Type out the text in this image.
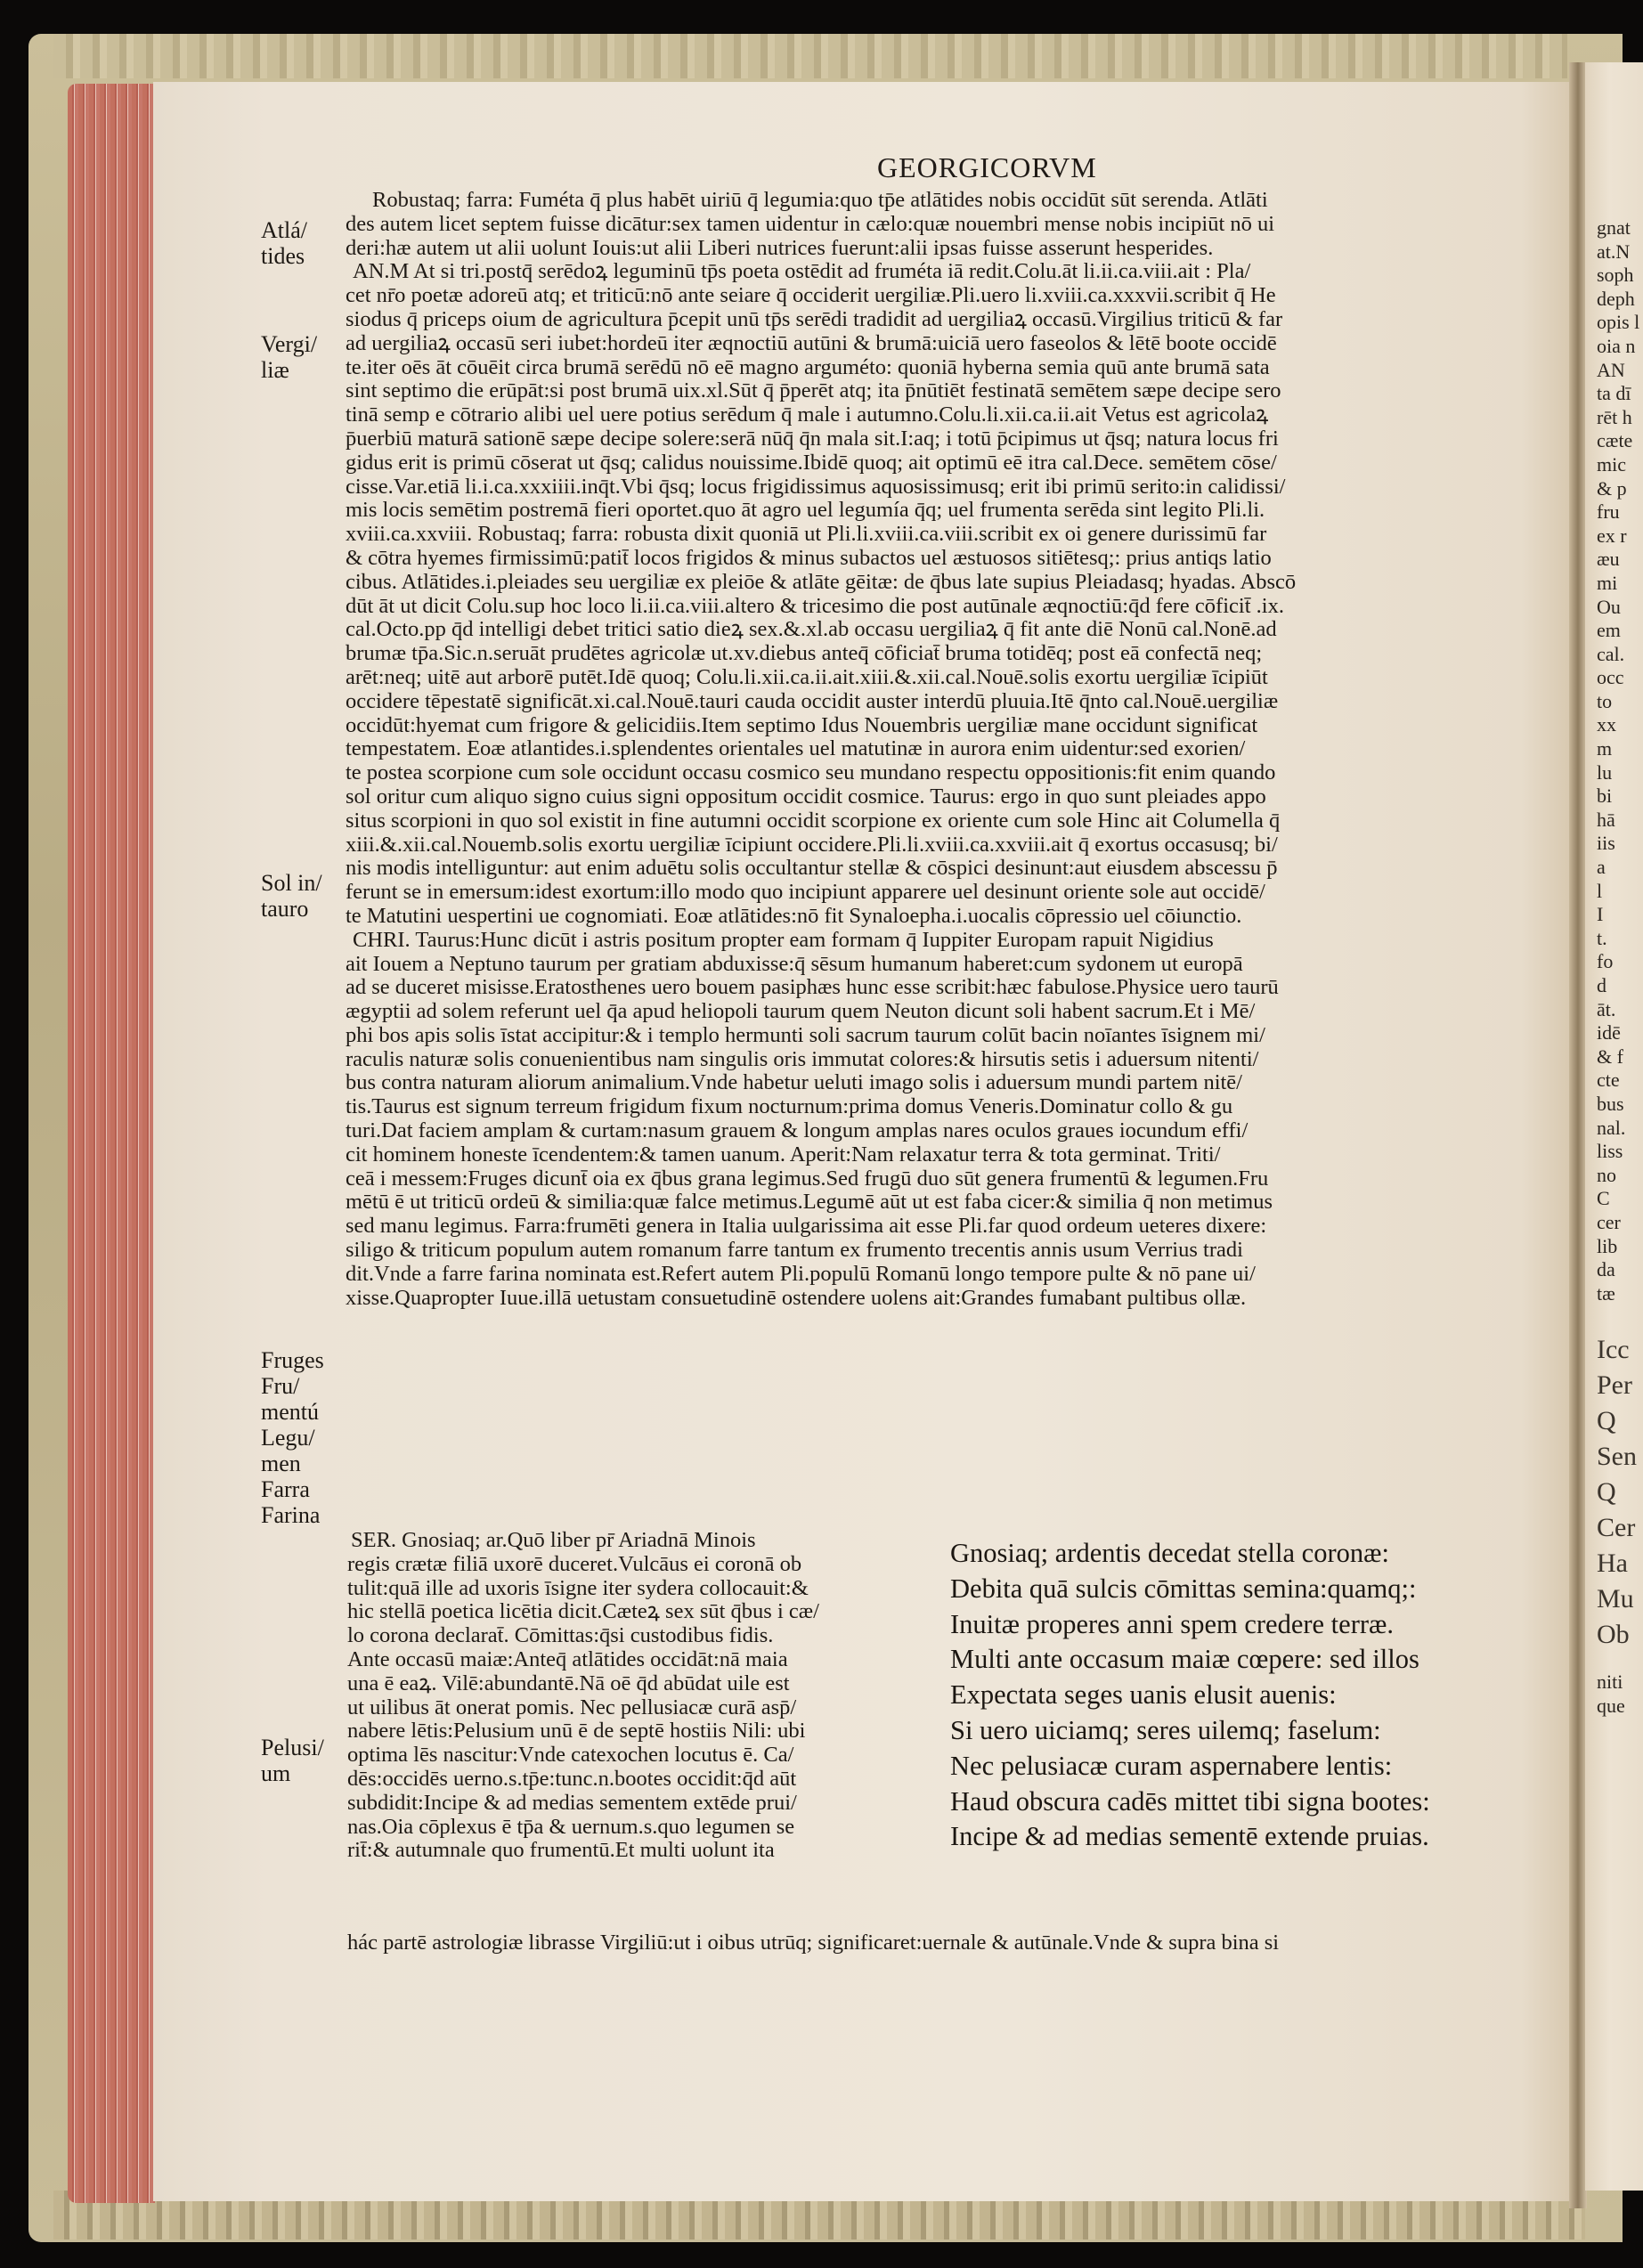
gnat
at.N
soph
deph
opis l
oia n
AN
ta dī
rēt h
cæte
mic
& p
fru
ex r
æu
mi
Ou
em
cal.
occ
to
xx
m
lu
bi
hā
iis
a
l
I
t.
fo
d
āt.
idē
& f
cte
bus
nal.
liss
no
C
cer
lib
da
tæ
Icc
Per
Q
Sen
Q
Cer
Ha
Mu
Ob
niti
que
GEORGICORVM
Robustaq; farra: Fuméta q̄ plus habēt uiriū q̄ legumia:quo tp̄e atlātides nobis occidūt sūt serenda. Atlāti
des autem licet septem fuisse dicātur:sex tamen uidentur in cælo:quæ nouembri mense nobis incipiūt nō ui
deri:hæ autem ut alii uolunt Iouis:ut alii Liberi nutrices fuerunt:alii ipsas fuisse asserunt hesperides.
AN.M At si tri.postq̄ serēdoꝝ leguminū tp̄s poeta ostēdit ad fruméta iā redit.Colu.āt li.ii.ca.viii.ait : Pla/
cet nr̄o poetæ adoreū atq; et triticū:nō ante seiare q̄ occiderit uergiliæ.Pli.uero li.xviii.ca.xxxvii.scribit q̄ He
siodus q̄ priceps oium de agricultura p̄cepit unū tp̄s serēdi tradidit ad uergiliaꝝ occasū.Virgilius triticū & far
ad uergiliaꝝ occasū seri iubet:hordeū iter æqnoctiū autūni & brumā:uiciā uero faseolos & lētē boote occidē
te.iter oēs āt cōuēit circa brumā serēdū nō eē magno arguméto: quoniā hyberna semia quū ante brumā sata
sint septimo die erūpāt:si post brumā uix.xl.Sūt q̄ p̄perēt atq; ita p̄nūtiēt festinatā semētem sæpe decipe sero
tinā semp e cōtrario alibi uel uere potius serēdum q̄ male i autumno.Colu.li.xii.ca.ii.ait Vetus est agricolaꝝ
p̄uerbiū maturā sationē sæpe decipe solere:serā nūq̄ q̄n mala sit.I:aq; i totū p̄cipimus ut q̄sq; natura locus fri
gidus erit is primū cōserat ut q̄sq; calidus nouissime.Ibidē quoq; ait optimū eē itra cal.Dece. semētem cōse/
cisse.Var.etiā li.i.ca.xxxiiii.inq̄t.Vbi q̄sq; locus frigidissimus aquosissimusq; erit ibi primū serito:in calidissi/
mis locis semētim postremā fieri oportet.quo āt agro uel legumía q̄q; uel frumenta serēda sint legito Pli.li.
xviii.ca.xxviii. Robustaq; farra: robusta dixit quoniā ut Pli.li.xviii.ca.viii.scribit ex oi genere durissimū far
& cōtra hyemes firmissimū:patit̄ locos frigidos & minus subactos uel æstuosos sitiētesq;: prius antiqs latio
cibus. Atlātides.i.pleiades seu uergiliæ ex pleiōe & atlāte gēitæ: de q̄bus late supius Pleiadasq; hyadas. Abscō
dūt āt ut dicit Colu.sup hoc loco li.ii.ca.viii.altero & tricesimo die post autūnale æqnoctiū:q̄d fere cōficit̄ .ix.
cal.Octo.pp q̄d intelligi debet tritici satio dieꝝ sex.&.xl.ab occasu uergiliaꝝ q̄ fit ante diē Nonū cal.Nonē.ad
brumæ tp̄a.Sic.n.seruāt prudētes agricolæ ut.xv.diebus anteq̄ cōficiat̄ bruma totidēq; post eā confectā neq;
arēt:neq; uitē aut arborē putēt.Idē quoq; Colu.li.xii.ca.ii.ait.xiii.&.xii.cal.Nouē.solis exortu uergiliæ īcipiūt
occidere tēpestatē significāt.xi.cal.Nouē.tauri cauda occidit auster interdū pluuia.Itē q̄nto cal.Nouē.uergiliæ
occidūt:hyemat cum frigore & gelicidiis.Item septimo Idus Nouembris uergiliæ mane occidunt significat
tempestatem. Eoæ atlantides.i.splendentes orientales uel matutinæ in aurora enim uidentur:sed exorien/
te postea scorpione cum sole occidunt occasu cosmico seu mundano respectu oppositionis:fit enim quando
sol oritur cum aliquo signo cuius signi oppositum occidit cosmice. Taurus: ergo in quo sunt pleiades appo
situs scorpioni in quo sol existit in fine autumni occidit scorpione ex oriente cum sole Hinc ait Columella q̄
xiii.&.xii.cal.Nouemb.solis exortu uergiliæ īcipiunt occidere.Pli.li.xviii.ca.xxviii.ait q̄ exortus occasusq; bi/
nis modis intelliguntur: aut enim aduētu solis occultantur stellæ & cōspici desinunt:aut eiusdem abscessu p̄
ferunt se in emersum:idest exortum:illo modo quo incipiunt apparere uel desinunt oriente sole aut occidē/
te Matutini uespertini ue cognomiati. Eoæ atlātides:nō fit Synaloepha.i.uocalis cōpressio uel cōiunctio.
CHRI. Taurus:Hunc dicūt i astris positum propter eam formam q̄ Iuppiter Europam rapuit Nigidius
ait Iouem a Neptuno taurum per gratiam abduxisse:q̄ sēsum humanum haberet:cum sydonem ut europā
ad se duceret misisse.Eratosthenes uero bouem pasiphæs hunc esse scribit:hæc fabulose.Physice uero taurū
ægyptii ad solem referunt uel q̄a apud heliopoli taurum quem Neuton dicunt soli habent sacrum.Et i Mē/
phi bos apis solis īstat accipitur:& i templo hermunti soli sacrum taurum colūt bacin noīantes īsignem mi/
raculis naturæ solis conuenientibus nam singulis oris immutat colores:& hirsutis setis i aduersum nitenti/
bus contra naturam aliorum animalium.Vnde habetur ueluti imago solis i aduersum mundi partem nitē/
tis.Taurus est signum terreum frigidum fixum nocturnum:prima domus Veneris.Dominatur collo & gu
turi.Dat faciem amplam & curtam:nasum grauem & longum amplas nares oculos graues iocundum effi/
cit hominem honeste īcendentem:& tamen uanum. Aperit:Nam relaxatur terra & tota germinat. Triti/
ceā i messem:Fruges dicunt̄ oia ex q̄bus grana legimus.Sed frugū duo sūt genera frumentū & legumen.Fru
mētū ē ut triticū ordeū & similia:quæ falce metimus.Legumē aūt ut est faba cicer:& similia q̄ non metimus
sed manu legimus. Farra:frumēti genera in Italia uulgarissima ait esse Pli.far quod ordeum ueteres dixere:
siligo & triticum populum autem romanum farre tantum ex frumento trecentis annis usum Verrius tradi
dit.Vnde a farre farina nominata est.Refert autem Pli.populū Romanū longo tempore pulte & nō pane ui/
xisse.Quapropter Iuue.illā uetustam consuetudinē ostendere uolens ait:Grandes fumabant pultibus ollæ.
SER. Gnosiaq; ar.Quō liber pr̄ Ariadnā Minois
regis crætæ filiā uxorē duceret.Vulcāus ei coronā ob
tulit:quā ille ad uxoris īsigne iter sydera collocauit:&
hic stellā poetica licētia dicit.Cæteꝝ sex sūt q̄bus i cæ/
lo corona declarat̄. Cōmittas:q̄si custodibus fidis.
Ante occasū maiæ:Anteq̄ atlātides occidāt:nā maia
una ē eaꝝ. Vilē:abundantē.Nā oē q̄d abūdat uile est
ut uilibus āt onerat pomis. Nec pellusiacæ curā asp̄/
nabere lētis:Pelusium unū ē de septē hostiis Nili: ubi
optima lēs nascitur:Vnde catexochen locutus ē. Ca/
dēs:occidēs uerno.s.tp̄e:tunc.n.bootes occidit:q̄d aūt
subdidit:Incipe & ad medias sementem extēde prui/
nas.Oia cōplexus ē tp̄a & uernum.s.quo legumen se
rit̄:& autumnale quo frumentū.Et multi uolunt ita
Gnosiaq; ardentis decedat stella coronæ:
Debita quā sulcis cōmittas semina:quamq;:
Inuitæ properes anni spem credere terræ.
Multi ante occasum maiæ cœpere: sed illos
Expectata seges uanis elusit auenis:
Si uero uiciamq; seres uilemq; faselum:
Nec pelusiacæ curam aspernabere lentis:
Haud obscura cadēs mittet tibi signa bootes:
Incipe & ad medias sementē extende pruias.
hác partē astrologiæ librasse Virgiliū:ut i oibus utrūq; significaret:uernale & autūnale.Vnde & supra bina si
Atlá/
tides
Vergi/
liæ
Sol in/
tauro
Fruges
Fru/
mentú
Legu/
men
Farra
Farina
Pelusi/
um
